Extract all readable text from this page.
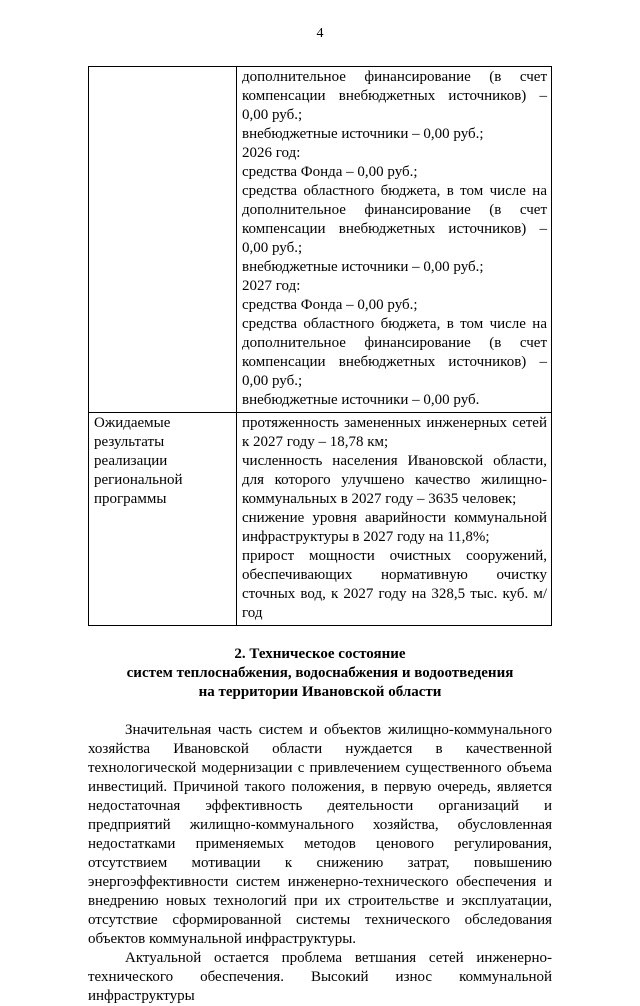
4

дополнительное финансирование (в счет компенсации внебюджетных источников) – 0,00 руб.;
внебюджетные источники – 0,00 руб.;
2026 год:
средства Фонда – 0,00 руб.;
средства областного бюджета, в том числе на дополнительное финансирование (в счет компенсации внебюджетных источников) – 0,00 руб.;
внебюджетные источники – 0,00 руб.;
2027 год:
средства Фонда – 0,00 руб.;
средства областного бюджета, в том числе на дополнительное финансирование (в счет компенсации внебюджетных источников) – 0,00 руб.;
внебюджетные источники – 0,00 руб.

Ожидаемые результаты реализации региональной программы	протяженность замененных инженерных сетей к 2027 году – 18,78 км;
численность населения Ивановской области, для которого улучшено качество жилищно-коммунальных в 2027 году – 3635 человек;
снижение уровня аварийности коммунальной инфраструктуры в 2027 году на 11,8%;
прирост мощности очистных сооружений, обеспечивающих нормативную очистку сточных вод, к 2027 году на 328,5 тыс. куб. м/год
2. Техническое состояние
систем теплоснабжения, водоснабжения и водоотведения
на территории Ивановской области

Значительная часть систем и объектов жилищно-коммунального хозяйства Ивановской области нуждается в качественной технологической модернизации с привлечением существенного объема инвестиций. Причиной такого положения, в первую очередь, является недостаточная эффективность деятельности организаций и предприятий жилищно-коммунального хозяйства, обусловленная недостатками применяемых методов ценового регулирования, отсутствием мотивации к снижению затрат, повышению энергоэффективности систем инженерно-технического обеспечения и внедрению новых технологий при их строительстве и эксплуатации, отсутствие сформированной системы технического обследования объектов коммунальной инфраструктуры.

Актуальной остается проблема ветшания сетей инженерно-технического обеспечения. Высокий износ коммунальной инфраструктуры
